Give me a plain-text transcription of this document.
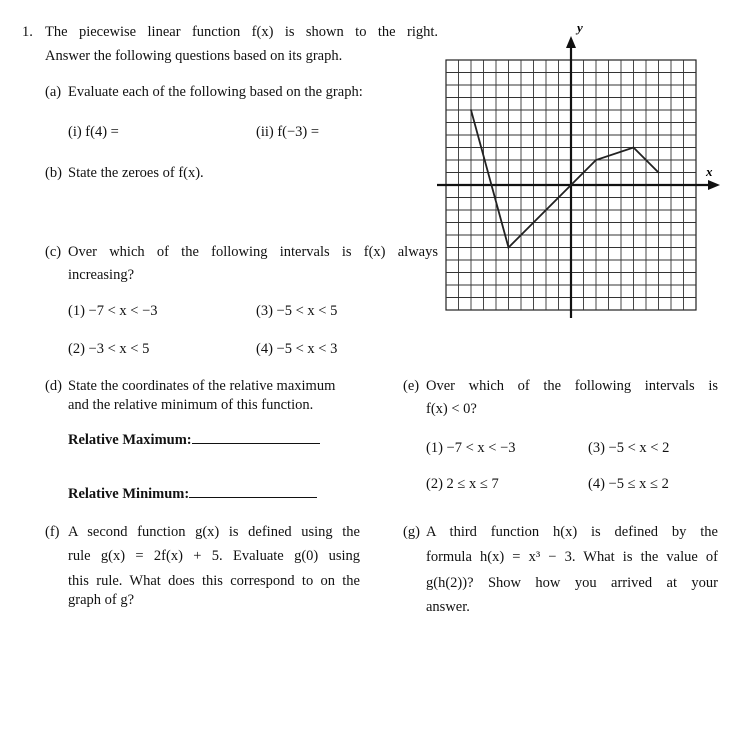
1. The piecewise linear function f(x) is shown to the right.
Answer the following questions based on its graph.
(a) Evaluate each of the following based on the graph:
(i) f(4) =	(ii) f(−3) =
(b) State the zeroes of f(x).
(c) Over which of the following intervals is f(x) always
increasing?
(1) −7 < x < −3	(3) −5 < x < 5
(2) −3 < x < 5	(4) −5 < x < 3
(d) State the coordinates of the relative maximum
and the relative minimum of this function.
Relative Maximum:
Relative Minimum:
(e) Over which of the following intervals is
f(x) < 0?
(1) −7 < x < −3	(3) −5 < x < 2
(2) 2 ≤ x ≤ 7	(4) −5 ≤ x ≤ 2
(f) A second function g(x) is defined using the
rule g(x) = 2f(x) + 5. Evaluate g(0) using
this rule. What does this correspond to on the
graph of g?
(g) A third function h(x) is defined by the
formula h(x) = x³ − 3. What is the value of
g(h(2))? Show how you arrived at your
answer.
x
y
